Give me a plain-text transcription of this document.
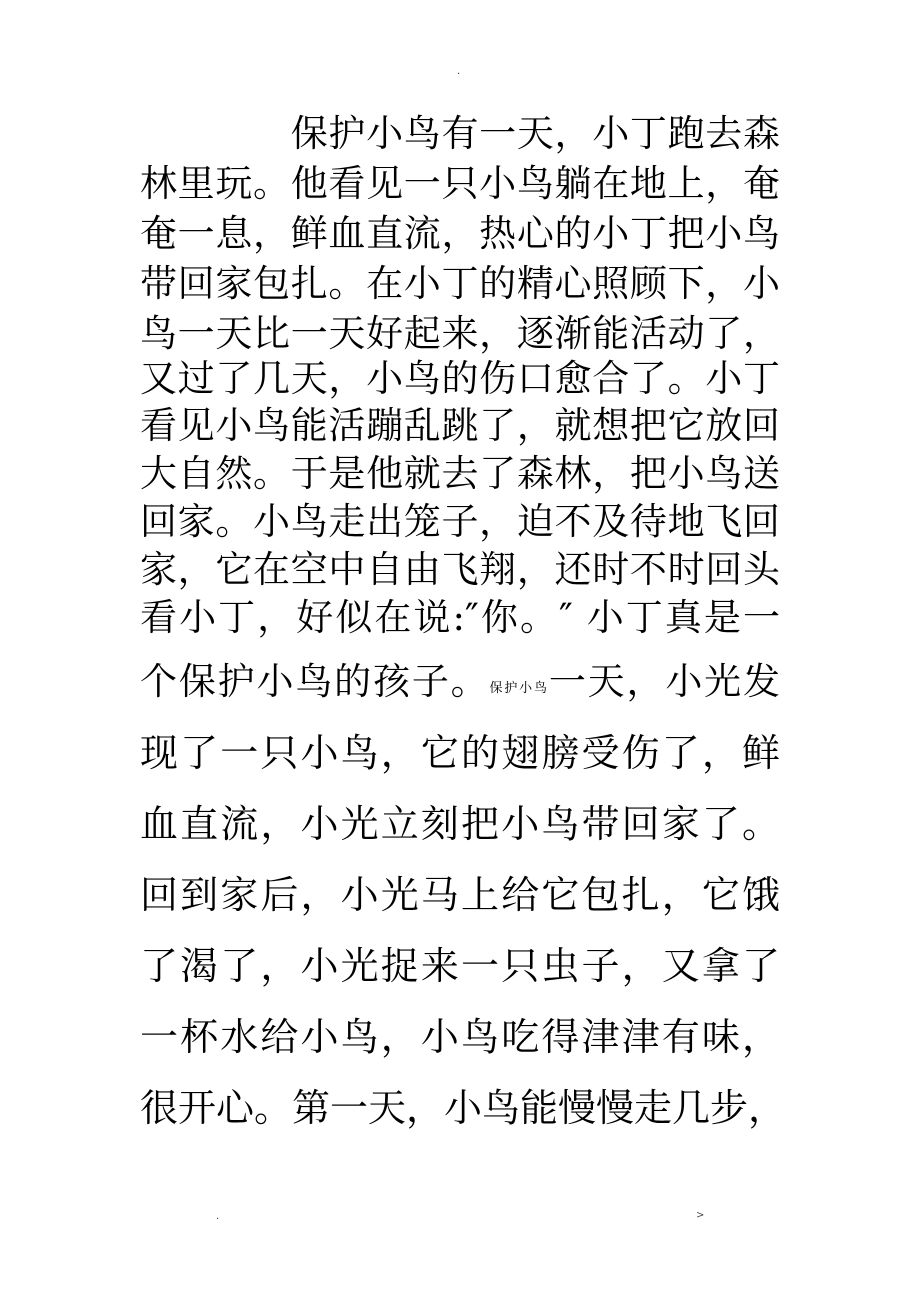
·
保护小鸟有一天，小丁跑去森
林里玩。他看见一只小鸟躺在地上，奄
奄一息，鲜血直流，热心的小丁把小鸟
带回家包扎。在小丁的精心照顾下，小
鸟一天比一天好起来，逐渐能活动了，
又过了几天，小鸟的伤口愈合了。小丁
看见小鸟能活蹦乱跳了，就想把它放回
大自然。于是他就去了森林，把小鸟送
回家。小鸟走出笼子，迫不及待地飞回
家，它在空中自由飞翔，还时不时回头
看小丁，好似在说:″你。″ 小丁真是一
个保护小鸟的孩子。保护小鸟一天，小光发
现了一只小鸟，它的翅膀受伤了，鲜
血直流，小光立刻把小鸟带回家了。
回到家后，小光马上给它包扎，它饿
了渴了，小光捉来一只虫子，又拿了
一杯水给小鸟，小鸟吃得津津有味，
很开心。第一天，小鸟能慢慢走几步，
·	>
